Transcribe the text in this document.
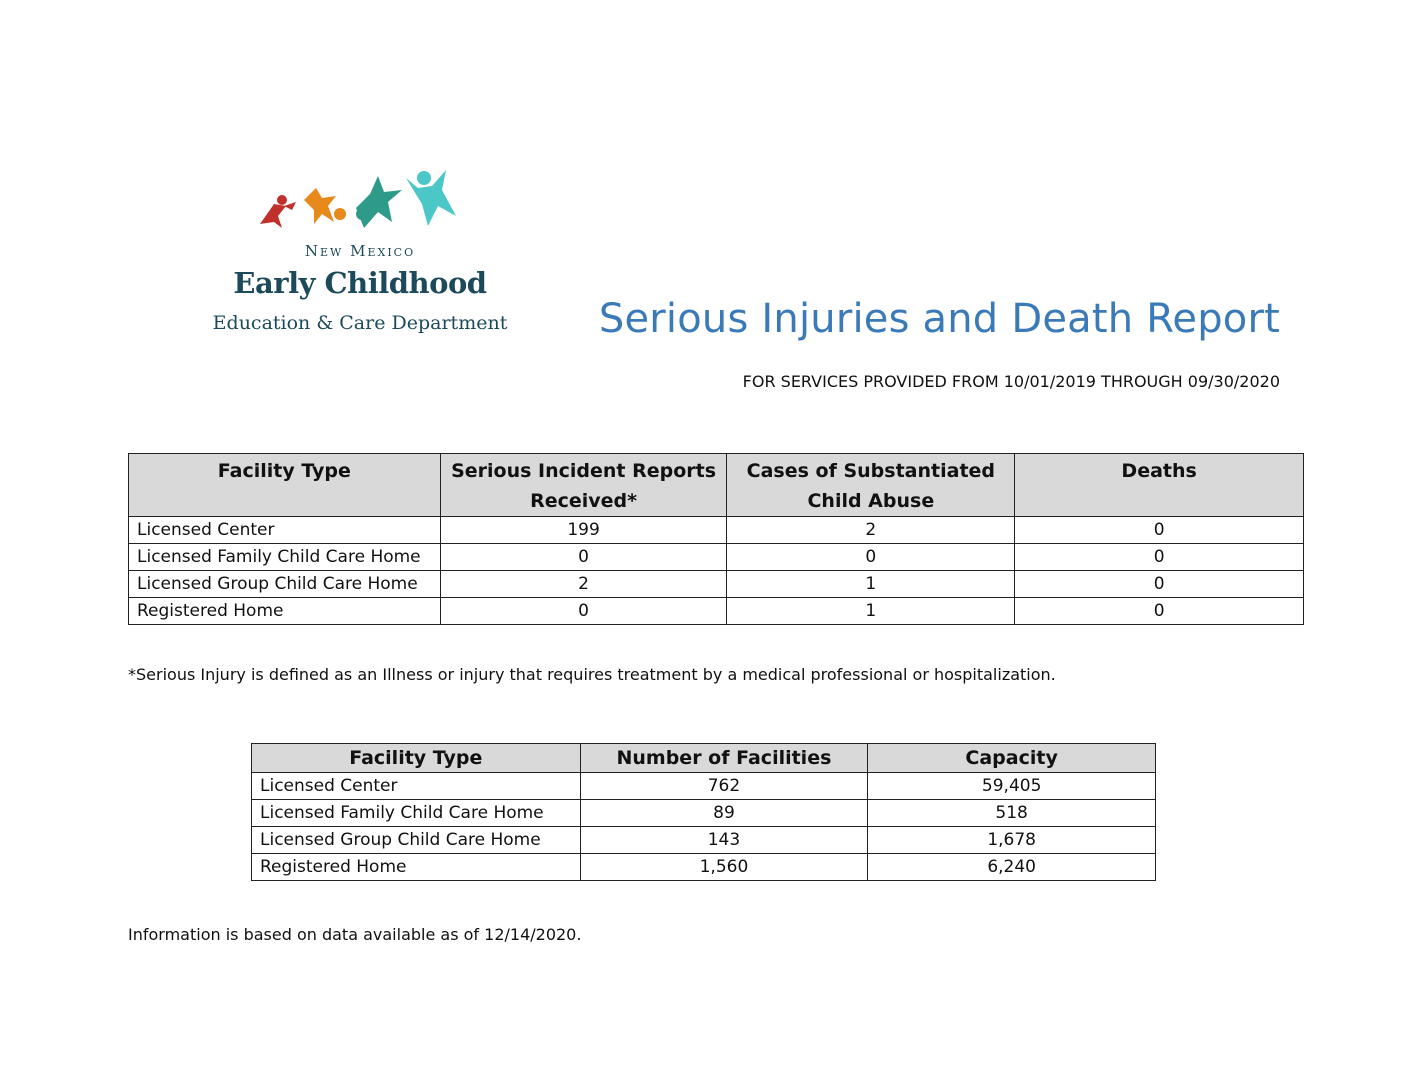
New Mexico
Early Childhood
Education & Care Department	Serious Injuries and Death Report
FOR SERVICES PROVIDED FROM 10/01/2019 THROUGH 09/30/2020
Facility Type	Serious Incident Reports Received*	Cases of Substantiated Child Abuse	Deaths
Licensed Center	199	2	0
Licensed Family Child Care Home	0	0	0
Licensed Group Child Care Home	2	1	0
Registered Home	0	1	0
*Serious Injury is defined as an Illness or injury that requires treatment by a medical professional or hospitalization.
Facility Type	Number of Facilities	Capacity
Licensed Center	762	59,405
Licensed Family Child Care Home	89	518
Licensed Group Child Care Home	143	1,678
Registered Home	1,560	6,240
Information is based on data available as of 12/14/2020.
